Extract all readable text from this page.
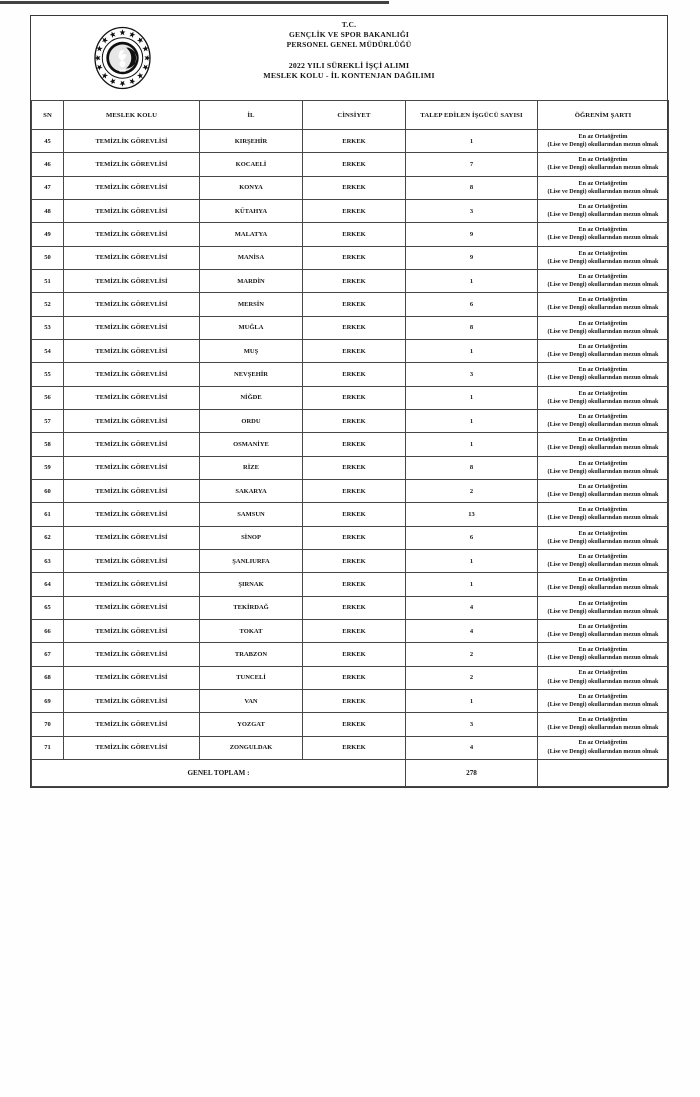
T.C.
GENÇLİK VE SPOR BAKANLIĞI
PERSONEL GENEL MÜDÜRLÜĞÜ
2022 YILI SÜREKLİ İŞÇİ ALIMI
MESLEK KOLU - İL KONTENJAN DAĞILIMI
SN	MESLEK KOLU	İL	CİNSİYET	TALEP EDİLEN İŞGÜCÜ SAYISI	ÖĞRENİM ŞARTI
45	TEMİZLİK GÖREVLİSİ	KIRŞEHİR	ERKEK	1	En az Ortaöğretim
(Lise ve Dengi) okullarından mezun olmak

46	TEMİZLİK GÖREVLİSİ	KOCAELİ	ERKEK	7	En az Ortaöğretim
(Lise ve Dengi) okullarından mezun olmak

47	TEMİZLİK GÖREVLİSİ	KONYA	ERKEK	8	En az Ortaöğretim
(Lise ve Dengi) okullarından mezun olmak

48	TEMİZLİK GÖREVLİSİ	KÜTAHYA	ERKEK	3	En az Ortaöğretim
(Lise ve Dengi) okullarından mezun olmak

49	TEMİZLİK GÖREVLİSİ	MALATYA	ERKEK	9	En az Ortaöğretim
(Lise ve Dengi) okullarından mezun olmak

50	TEMİZLİK GÖREVLİSİ	MANİSA	ERKEK	9	En az Ortaöğretim
(Lise ve Dengi) okullarından mezun olmak

51	TEMİZLİK GÖREVLİSİ	MARDİN	ERKEK	1	En az Ortaöğretim
(Lise ve Dengi) okullarından mezun olmak

52	TEMİZLİK GÖREVLİSİ	MERSİN	ERKEK	6	En az Ortaöğretim
(Lise ve Dengi) okullarından mezun olmak

53	TEMİZLİK GÖREVLİSİ	MUĞLA	ERKEK	8	En az Ortaöğretim
(Lise ve Dengi) okullarından mezun olmak

54	TEMİZLİK GÖREVLİSİ	MUŞ	ERKEK	1	En az Ortaöğretim
(Lise ve Dengi) okullarından mezun olmak

55	TEMİZLİK GÖREVLİSİ	NEVŞEHİR	ERKEK	3	En az Ortaöğretim
(Lise ve Dengi) okullarından mezun olmak

56	TEMİZLİK GÖREVLİSİ	NİĞDE	ERKEK	1	En az Ortaöğretim
(Lise ve Dengi) okullarından mezun olmak

57	TEMİZLİK GÖREVLİSİ	ORDU	ERKEK	1	En az Ortaöğretim
(Lise ve Dengi) okullarından mezun olmak

58	TEMİZLİK GÖREVLİSİ	OSMANİYE	ERKEK	1	En az Ortaöğretim
(Lise ve Dengi) okullarından mezun olmak

59	TEMİZLİK GÖREVLİSİ	RİZE	ERKEK	8	En az Ortaöğretim
(Lise ve Dengi) okullarından mezun olmak

60	TEMİZLİK GÖREVLİSİ	SAKARYA	ERKEK	2	En az Ortaöğretim
(Lise ve Dengi) okullarından mezun olmak

61	TEMİZLİK GÖREVLİSİ	SAMSUN	ERKEK	13	En az Ortaöğretim
(Lise ve Dengi) okullarından mezun olmak

62	TEMİZLİK GÖREVLİSİ	SİNOP	ERKEK	6	En az Ortaöğretim
(Lise ve Dengi) okullarından mezun olmak

63	TEMİZLİK GÖREVLİSİ	ŞANLIURFA	ERKEK	1	En az Ortaöğretim
(Lise ve Dengi) okullarından mezun olmak

64	TEMİZLİK GÖREVLİSİ	ŞIRNAK	ERKEK	1	En az Ortaöğretim
(Lise ve Dengi) okullarından mezun olmak

65	TEMİZLİK GÖREVLİSİ	TEKİRDAĞ	ERKEK	4	En az Ortaöğretim
(Lise ve Dengi) okullarından mezun olmak

66	TEMİZLİK GÖREVLİSİ	TOKAT	ERKEK	4	En az Ortaöğretim
(Lise ve Dengi) okullarından mezun olmak

67	TEMİZLİK GÖREVLİSİ	TRABZON	ERKEK	2	En az Ortaöğretim
(Lise ve Dengi) okullarından mezun olmak

68	TEMİZLİK GÖREVLİSİ	TUNCELİ	ERKEK	2	En az Ortaöğretim
(Lise ve Dengi) okullarından mezun olmak

69	TEMİZLİK GÖREVLİSİ	VAN	ERKEK	1	En az Ortaöğretim
(Lise ve Dengi) okullarından mezun olmak

70	TEMİZLİK GÖREVLİSİ	YOZGAT	ERKEK	3	En az Ortaöğretim
(Lise ve Dengi) okullarından mezun olmak

71	TEMİZLİK GÖREVLİSİ	ZONGULDAK	ERKEK	4	En az Ortaöğretim
(Lise ve Dengi) okullarından mezun olmak

GENEL TOPLAM :				278	
